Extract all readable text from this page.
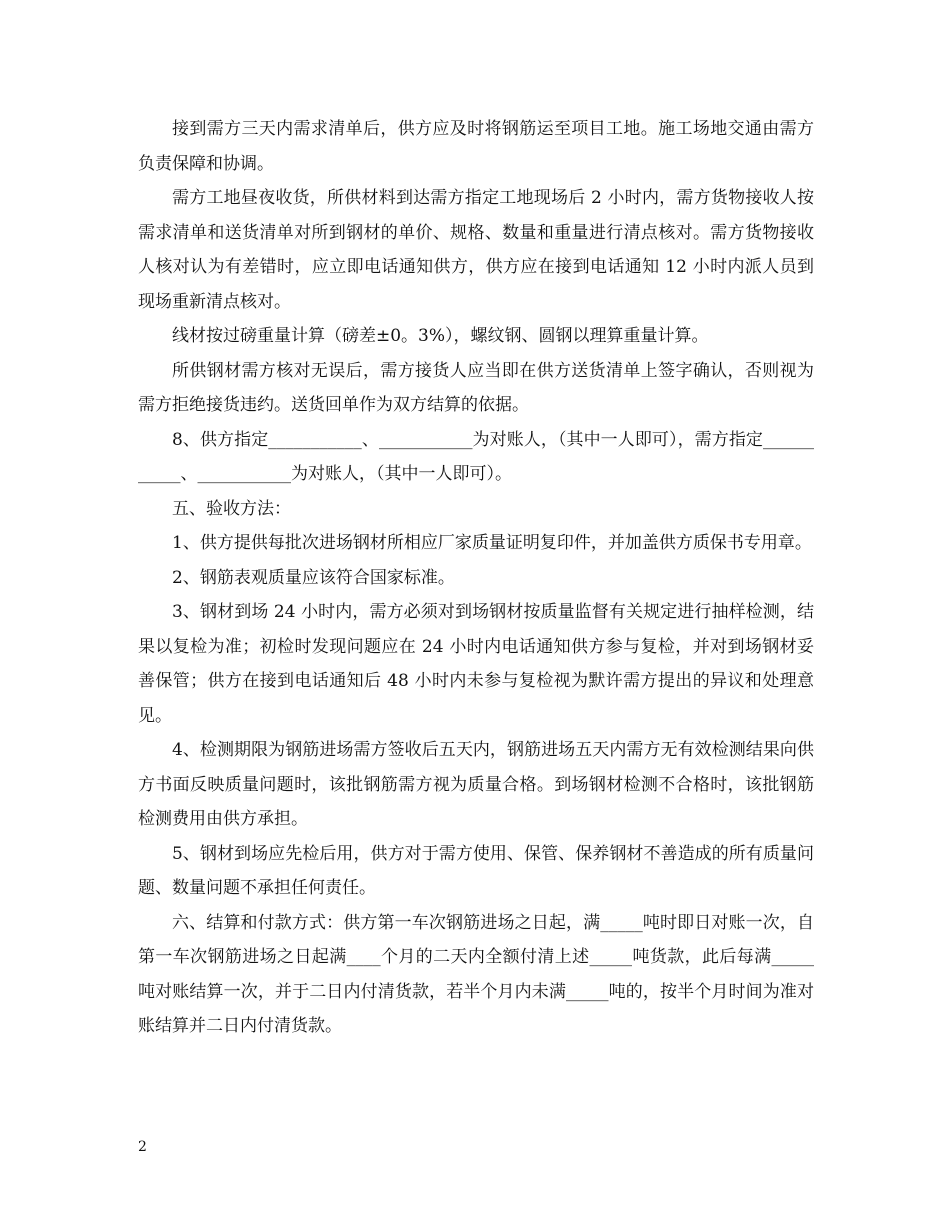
接到需方三天内需求清单后，供方应及时将钢筋运至项目工地。施工场地交通由需方负责保障和协调。

需方工地昼夜收货，所供材料到达需方指定工地现场后 2 小时内，需方货物接收人按需求清单和送货清单对所到钢材的单价、规格、数量和重量进行清点核对。需方货物接收人核对认为有差错时，应立即电话通知供方，供方应在接到电话通知 12 小时内派人员到现场重新清点核对。

线材按过磅重量计算（磅差±0。3%），螺纹钢、圆钢以理算重量计算。

所供钢材需方核对无误后，需方接货人应当即在供方送货清单上签字确认，否则视为需方拒绝接货违约。送货回单作为双方结算的依据。

8、供方指定___________、___________为对账人，（其中一人即可），需方指定___________、___________为对账人，（其中一人即可）。

五、验收方法：

1、供方提供每批次进场钢材所相应厂家质量证明复印件，并加盖供方质保书专用章。

2、钢筋表观质量应该符合国家标准。

3、钢材到场 24 小时内，需方必须对到场钢材按质量监督有关规定进行抽样检测，结果以复检为准；初检时发现问题应在 24 小时内电话通知供方参与复检，并对到场钢材妥善保管；供方在接到电话通知后 48 小时内未参与复检视为默许需方提出的异议和处理意见。

4、检测期限为钢筋进场需方签收后五天内，钢筋进场五天内需方无有效检测结果向供方书面反映质量问题时，该批钢筋需方视为质量合格。到场钢材检测不合格时，该批钢筋检测费用由供方承担。

5、钢材到场应先检后用，供方对于需方使用、保管、保养钢材不善造成的所有质量问题、数量问题不承担任何责任。

六、结算和付款方式：供方第一车次钢筋进场之日起，满_____吨时即日对账一次，自第一车次钢筋进场之日起满____个月的二天内全额付清上述_____吨货款，此后每满_____吨对账结算一次，并于二日内付清货款，若半个月内未满_____吨的，按半个月时间为准对账结算并二日内付清货款。

2
